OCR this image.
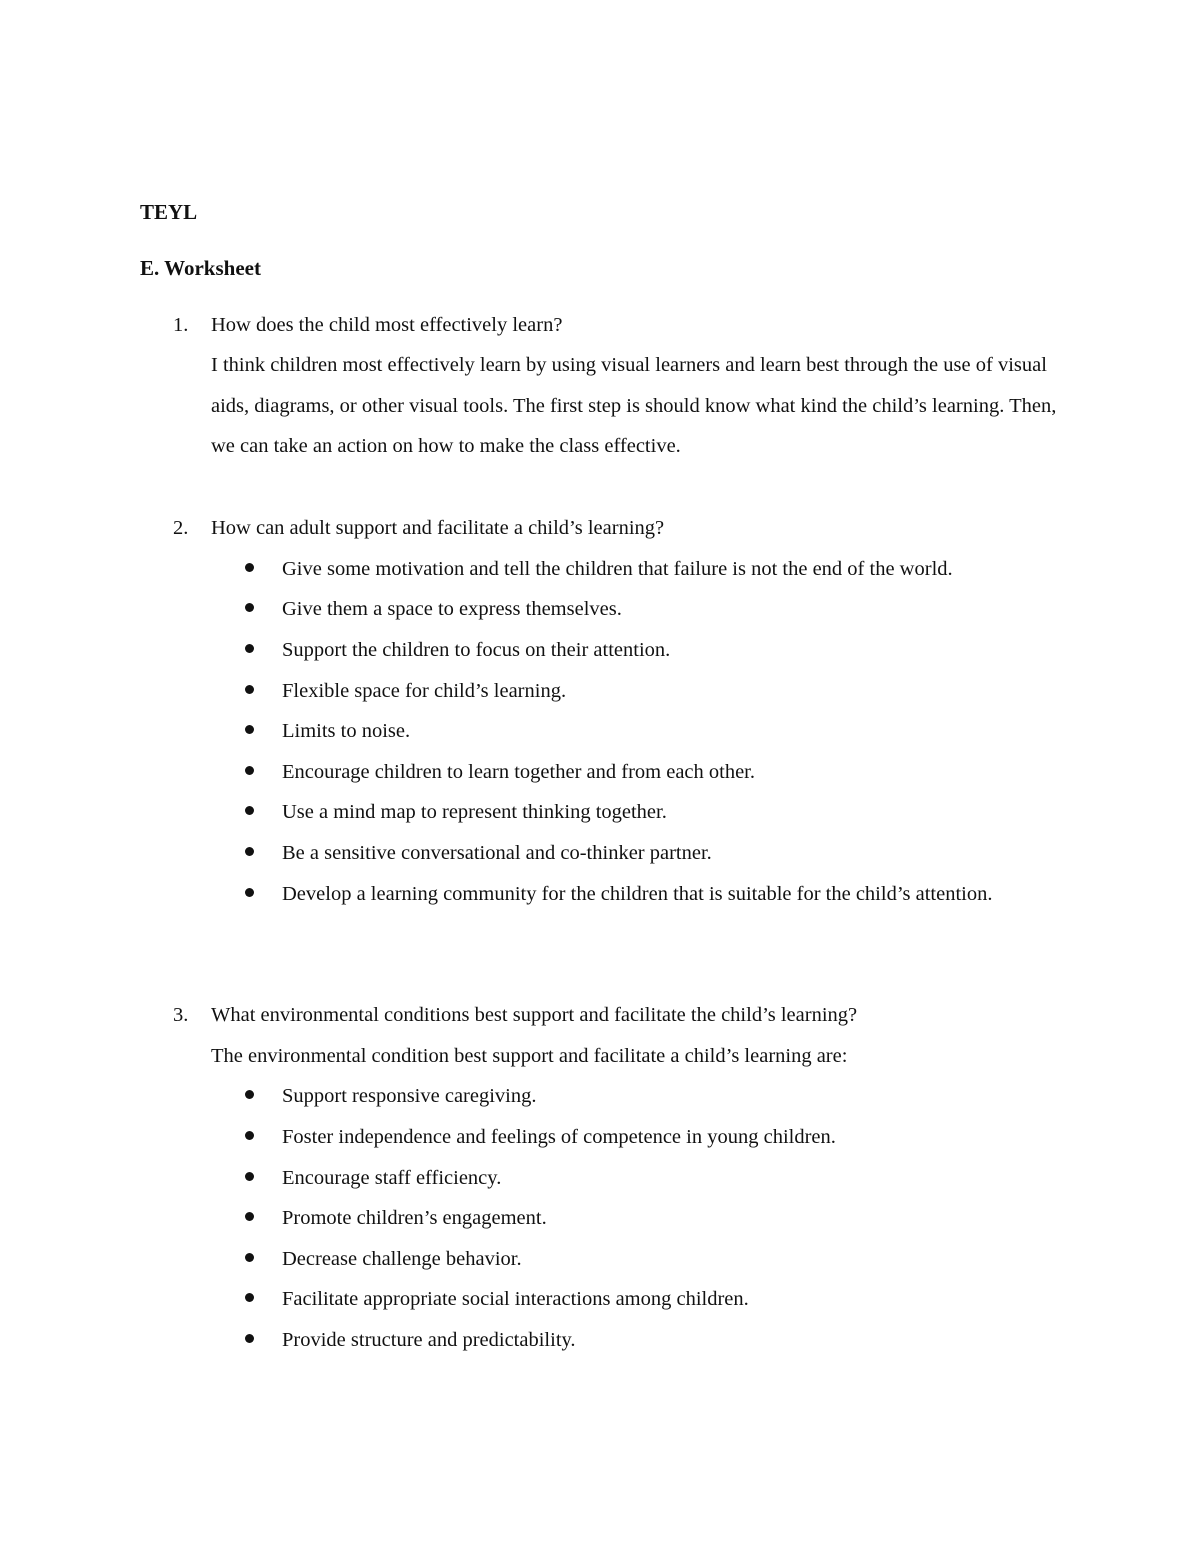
TEYL
E. Worksheet
1. How does the child most effectively learn?

I think children most effectively learn by using visual learners and learn best through the use of visual aids, diagrams, or other visual tools. The first step is should know what kind the child’s learning. Then, we can take an action on how to make the class effective.

2. How can adult support and facilitate a child’s learning?
Give some motivation and tell the children that failure is not the end of the world.
Give them a space to express themselves.
Support the children to focus on their attention.
Flexible space for child’s learning.
Limits to noise.
Encourage children to learn together and from each other.
Use a mind map to represent thinking together.
Be a sensitive conversational and co-thinker partner.

Develop a learning community for the children that is suitable for the child’s attention.

3. What environmental conditions best support and facilitate the child’s learning?
The environmental condition best support and facilitate a child’s learning are:
Support responsive caregiving.
Foster independence and feelings of competence in young children.
Encourage staff efficiency.
Promote children’s engagement.
Decrease challenge behavior.
Facilitate appropriate social interactions among children.
Provide structure and predictability.
